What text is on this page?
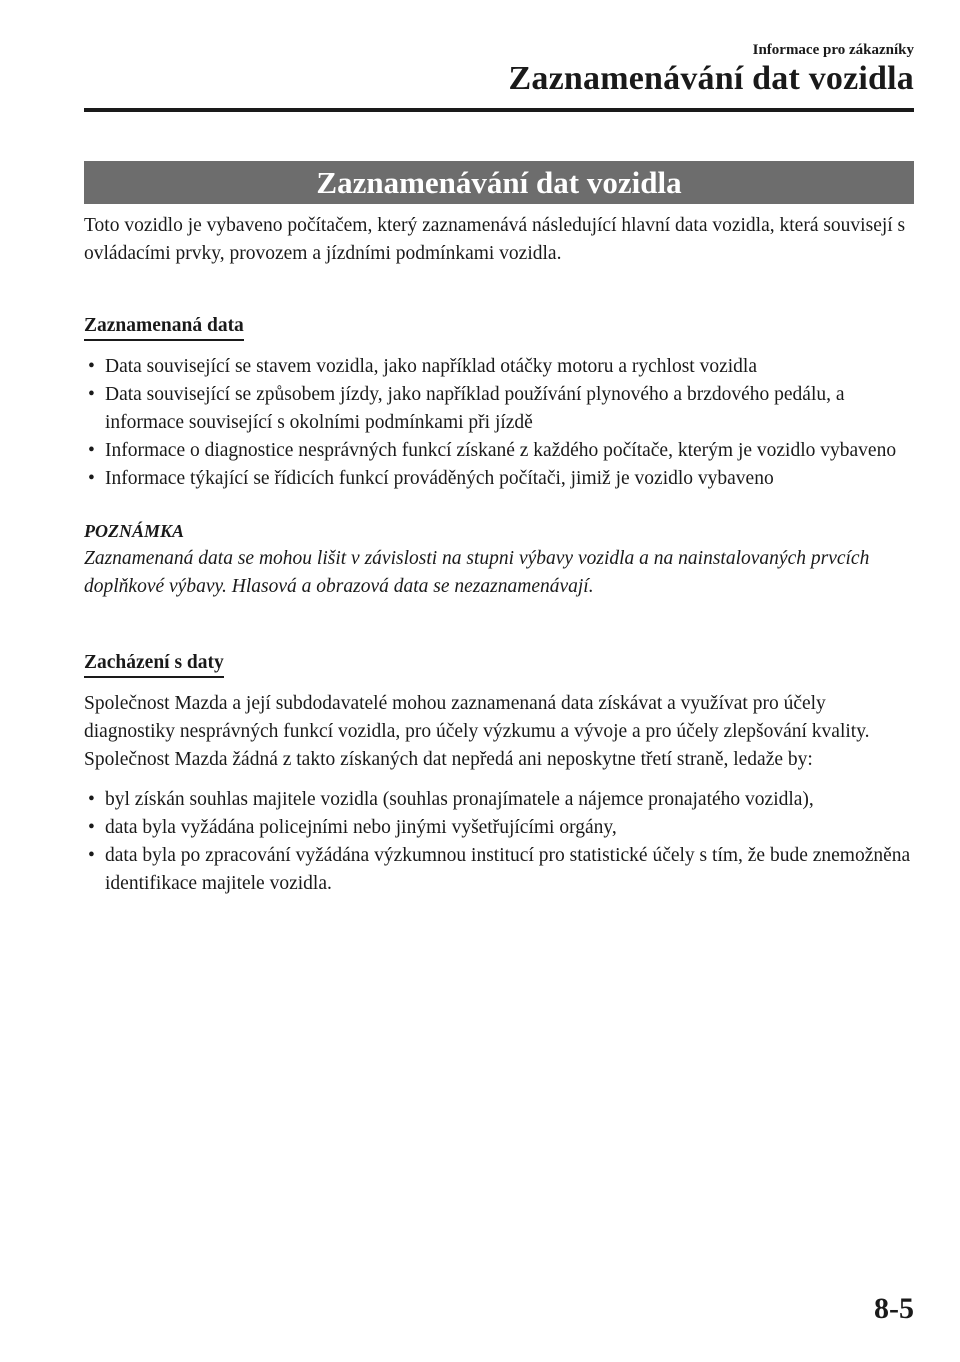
Informace pro zákazníky
Zaznamenávání dat vozidla
Zaznamenávání dat vozidla

Toto vozidlo je vybaveno počítačem, který zaznamenává následující hlavní data vozidla, která souvisejí s ovládacími prvky, provozem a jízdními podmínkami vozidla.

Zaznamenaná data
• Data související se stavem vozidla, jako například otáčky motoru a rychlost vozidla
• Data související se způsobem jízdy, jako například používání plynového a brzdového pedálu, a informace související s okolními podmínkami při jízdě
• Informace o diagnostice nesprávných funkcí získané z každého počítače, kterým je vozidlo vybaveno
• Informace týkající se řídicích funkcí prováděných počítači, jimiž je vozidlo vybaveno
POZNÁMKA

Zaznamenaná data se mohou lišit v závislosti na stupni výbavy vozidla a na nainstalovaných prvcích doplňkové výbavy. Hlasová a obrazová data se nezaznamenávají.

Zacházení s daty

Společnost Mazda a její subdodavatelé mohou zaznamenaná data získávat a využívat pro účely diagnostiky nesprávných funkcí vozidla, pro účely výzkumu a vývoje a pro účely zlepšování kvality.

Společnost Mazda žádná z takto získaných dat nepředá ani neposkytne třetí straně, ledaže by:

• byl získán souhlas majitele vozidla (souhlas pronajímatele a nájemce pronajatého vozidla),
• data byla vyžádána policejními nebo jinými vyšetřujícími orgány,
• data byla po zpracování vyžádána výzkumnou institucí pro statistické účely s tím, že bude znemožněna identifikace majitele vozidla.
8-5
